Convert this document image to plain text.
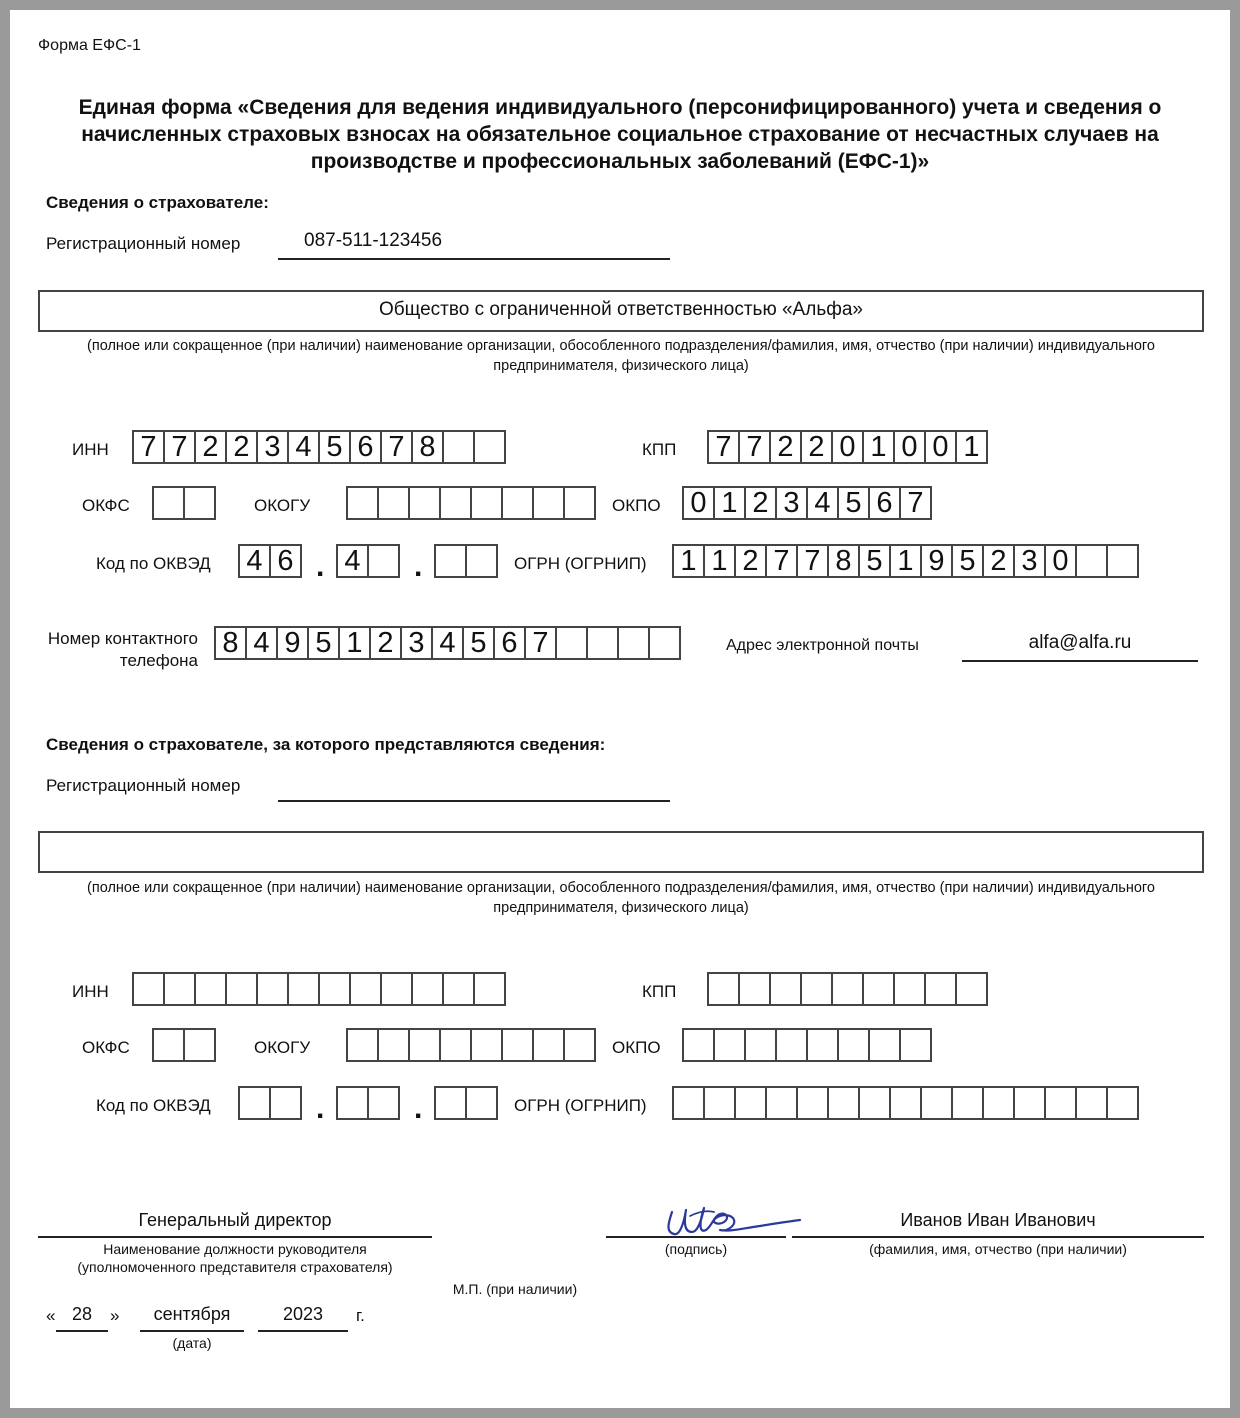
Форма ЕФС-1
Единая форма «Сведения для ведения индивидуального (персонифицированного) учета и сведения о начисленных страховых взносах на обязательное социальное страхование от несчастных случаев на производстве и профессиональных заболеваний (ЕФС-1)»
Сведения о страхователе:
Регистрационный номер	087-511-123456
Общество с ограниченной ответственностью «Альфа»
(полное или сокращенное (при наличии) наименование организации, обособленного подразделения/фамилия, имя, отчество (при наличии) индивидуального предпринимателя, физического лица)
ИНН 7 7 2 2 3 4 5 6 7 8	КПП 7 7 2 2 0 1 0 0 1
ОКФС	ОКОГУ	ОКПО 0 1 2 3 4 5 6 7
Код по ОКВЭД 4 6 . 4 .	ОГРН (ОГРНИП) 1 1 2 7 7 8 5 1 9 5 2 3 0
Номер контактного
телефона
8 4 9 5 1 2 3 4 5 6 7	Адрес электронной почты	alfa@alfa.ru
Сведения о страхователе, за которого представляются сведения:
Регистрационный номер
(полное или сокращенное (при наличии) наименование организации, обособленного подразделения/фамилия, имя, отчество (при наличии) индивидуального предпринимателя, физического лица)
ИНН	КПП
ОКФС	ОКОГУ	ОКПО
Код по ОКВЭД	.	.	ОГРН (ОГРНИП)
Генеральный директор
Наименование должности руководителя
(уполномоченного представителя страхователя)
(подпись)
Иванов Иван Иванович
(фамилия, имя, отчество (при наличии)
М.П. (при наличии)
« 28	»	сентября	2023	г.
(дата)
